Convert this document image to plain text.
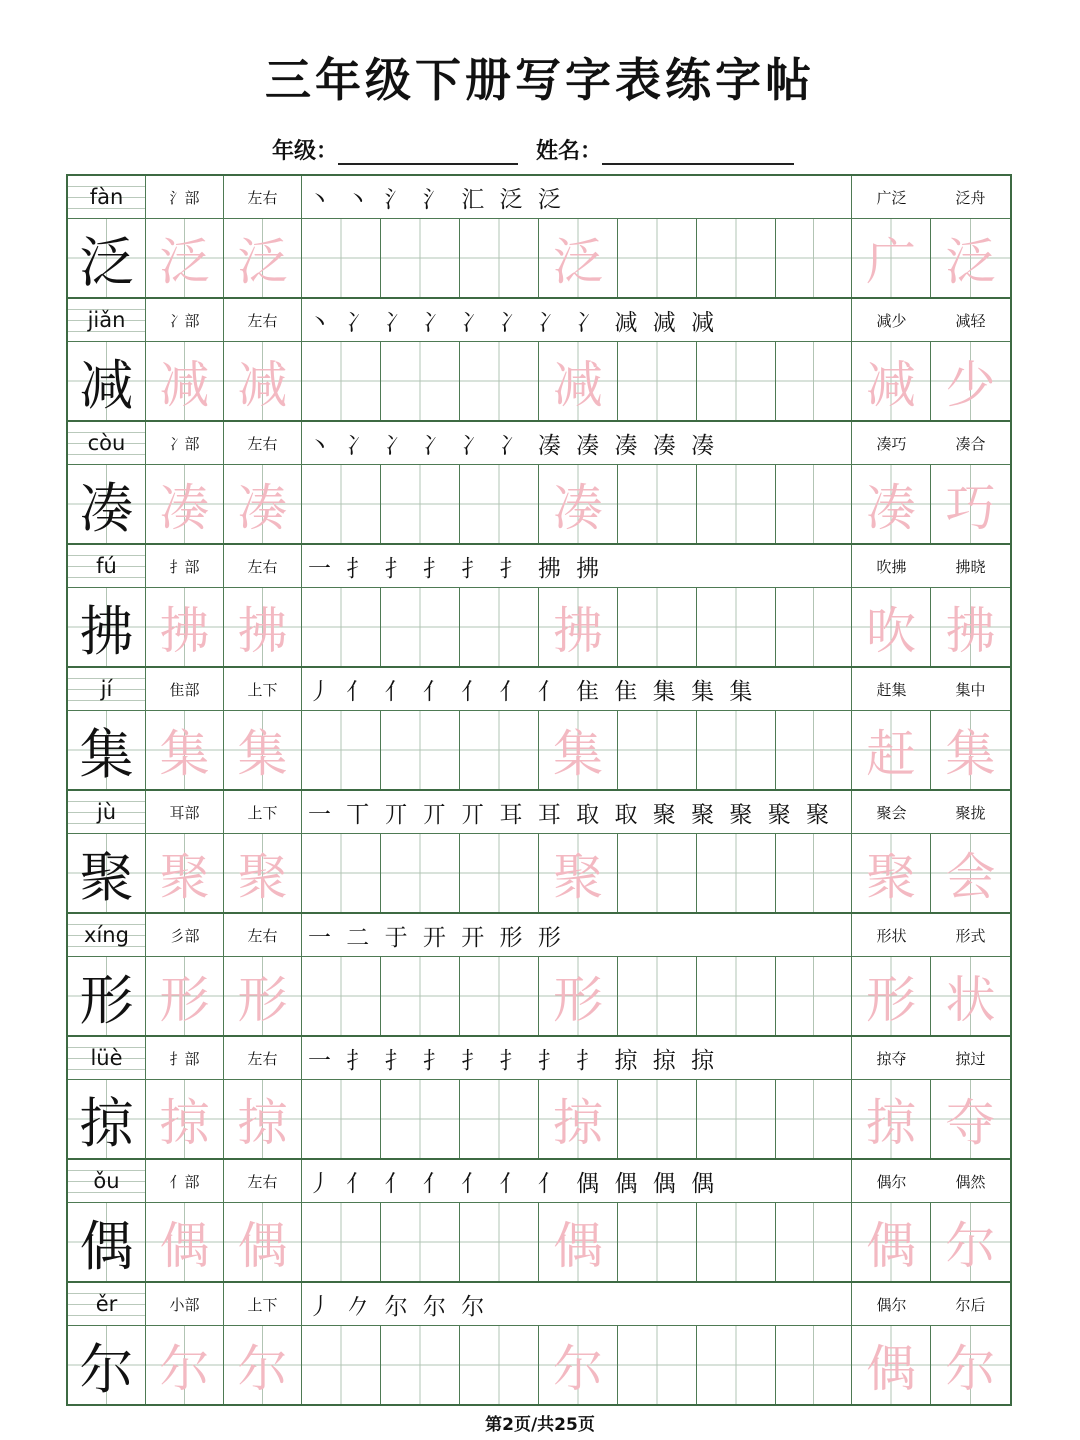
三年级下册写字表练字帖
年级：	姓名：
fàn	氵部	左右	丶 丶 氵 氵 汇 泛 泛	广泛	泛舟
泛 泛 泛	泛	广 泛
jiǎn	冫部	左右	丶 冫 冫 冫 冫 冫 冫 冫 减 减 减	减少	减轻
减 减 减	减	减 少
còu	冫部	左右	丶 冫 冫 冫 冫 冫 凑 凑 凑 凑 凑	凑巧	凑合
凑 凑 凑	凑	凑 巧
fú	扌部	左右	一 扌 扌 扌 扌 扌 拂 拂	吹拂	拂晓
拂 拂 拂	拂	吹 拂
jí	隹部	上下	丿 亻 亻 亻 亻 亻 亻 隹 隹 集 集 集	赶集	集中
集 集 集	集	赶 集
jù	耳部	上下	一 丅 丌 丌 丌 耳 耳 取 取 聚 聚 聚 聚 聚	聚会	聚拢
聚 聚 聚	聚	聚 会
xíng	彡部	左右	一 二 于 开 开 形 形	形状	形式
形 形 形	形	形 状
lüè	扌部	左右	一 扌 扌 扌 扌 扌 扌 扌 掠 掠 掠	掠夺	掠过
掠 掠 掠	掠	掠 夺
ǒu	亻部	左右	丿 亻 亻 亻 亻 亻 亻 偶 偶 偶 偶	偶尔	偶然
偶 偶 偶	偶	偶 尔
ěr	小部	上下	丿 𠂊 尔 尔 尔	偶尔	尔后
尔 尔 尔	尔	偶 尔
第2页/共25页
